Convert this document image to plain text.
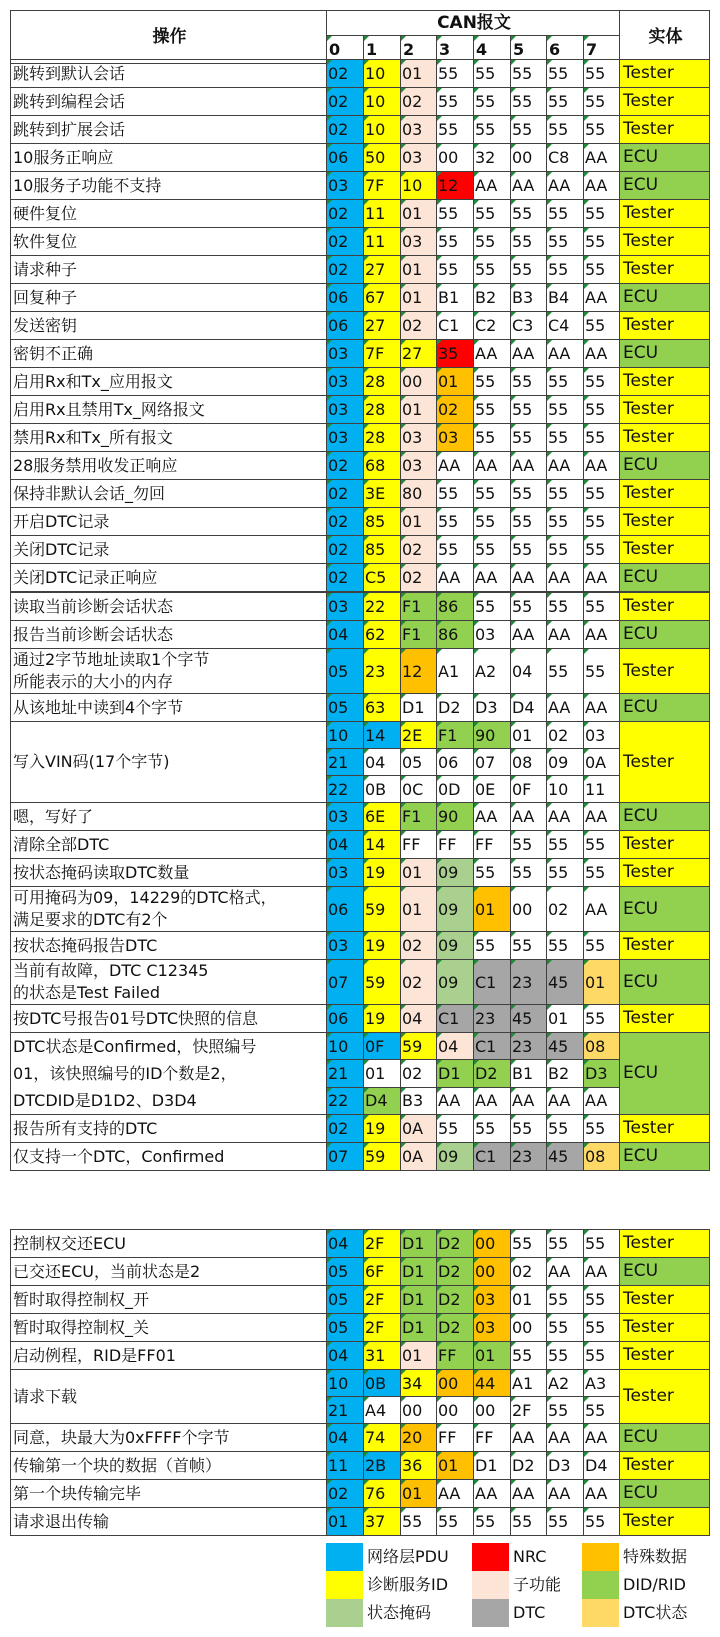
操作	CAN报文								实体
	0	1	2	3	4	5	6	7	
跳转到默认会话	02	10	01	55	55	55	55	55	Tester
跳转到编程会话	02	10	02	55	55	55	55	55	Tester
跳转到扩展会话	02	10	03	55	55	55	55	55	Tester
10服务正响应	06	50	03	00	32	00	C8	AA	ECU
10服务子功能不支持	03	7F	10	12	AA	AA	AA	AA	ECU
硬件复位	02	11	01	55	55	55	55	55	Tester
软件复位	02	11	03	55	55	55	55	55	Tester
请求种子	02	27	01	55	55	55	55	55	Tester
回复种子	06	67	01	B1	B2	B3	B4	AA	ECU
发送密钥	06	27	02	C1	C2	C3	C4	55	Tester
密钥不正确	03	7F	27	35	AA	AA	AA	AA	ECU
启用Rx和Tx_应用报文	03	28	00	01	55	55	55	55	Tester
启用Rx且禁用Tx_网络报文	03	28	01	02	55	55	55	55	Tester
禁用Rx和Tx_所有报文	03	28	03	03	55	55	55	55	Tester
28服务禁用收发正响应	02	68	03	AA	AA	AA	AA	AA	ECU
保持非默认会话_勿回	02	3E	80	55	55	55	55	55	Tester
开启DTC记录	02	85	01	55	55	55	55	55	Tester
关闭DTC记录	02	85	02	55	55	55	55	55	Tester
关闭DTC记录正响应	02	C5	02	AA	AA	AA	AA	AA	ECU
读取当前诊断会话状态	03	22	F1	86	55	55	55	55	Tester
报告当前诊断会话状态	04	62	F1	86	03	AA	AA	AA	ECU

通过2字节地址读取1个字节
所能表示的大小的内存	05	23	12	A1	A2	04	55	55	Tester
从该地址中读到4个字节	05	63	D1	D2	D3	D4	AA	AA	ECU
写入VIN码(17个字节)	10	14	2E	F1	90	01	02	03	Tester
	21	04	05	06	07	08	09	0A	
	22	0B	0C	0D	0E	0F	10	11	
嗯，写好了	03	6E	F1	90	AA	AA	AA	AA	ECU
清除全部DTC	04	14	FF	FF	FF	55	55	55	Tester
按状态掩码读取DTC数量	03	19	01	09	55	55	55	55	Tester

可用掩码为09，14229的DTC格式，
满足要求的DTC有2个	06	59	01	09	01	00	02	AA	ECU
按状态掩码报告DTC	03	19	02	09	55	55	55	55	Tester

当前有故障，DTC C12345
的状态是Test Failed	07	59	02	09	C1	23	45	01	ECU
按DTC号报告01号DTC快照的信息	06	19	04	C1	23	45	01	55	Tester

DTC状态是Confirmed，快照编号
01，该快照编号的ID个数是2，
DTCDID是D1D2、D3D4	10	0F	59	04	C1	23	45	08	ECU
	21	01	02	D1	D2	B1	B2	D3	
	22	D4	B3	AA	AA	AA	AA	AA	
报告所有支持的DTC	02	19	0A	55	55	55	55	55	Tester
仅支持一个DTC，Confirmed	07	59	0A	09	C1	23	45	08	ECU
控制权交还ECU	04	2F	D1	D2	00	55	55	55	Tester
已交还ECU，当前状态是2	05	6F	D1	D2	00	02	AA	AA	ECU
暂时取得控制权_开	05	2F	D1	D2	03	01	55	55	Tester
暂时取得控制权_关	05	2F	D1	D2	03	00	55	55	Tester
启动例程，RID是FF01	04	31	01	FF	01	55	55	55	Tester
请求下载	10	0B	34	00	44	A1	A2	A3	Tester
	21	A4	00	00	00	2F	55	55	
同意，块最大为0xFFFF个字节	04	74	20	FF	FF	AA	AA	AA	ECU
传输第一个块的数据（首帧）	11	2B	36	01	D1	D2	D3	D4	Tester
第一个块传输完毕	02	76	01	AA	AA	AA	AA	AA	ECU
请求退出传输	01	37	55	55	55	55	55	55	Tester
网络层PDU	NRC	特殊数据
诊断服务ID	子功能	DID/RID
状态掩码	DTC	DTC状态
